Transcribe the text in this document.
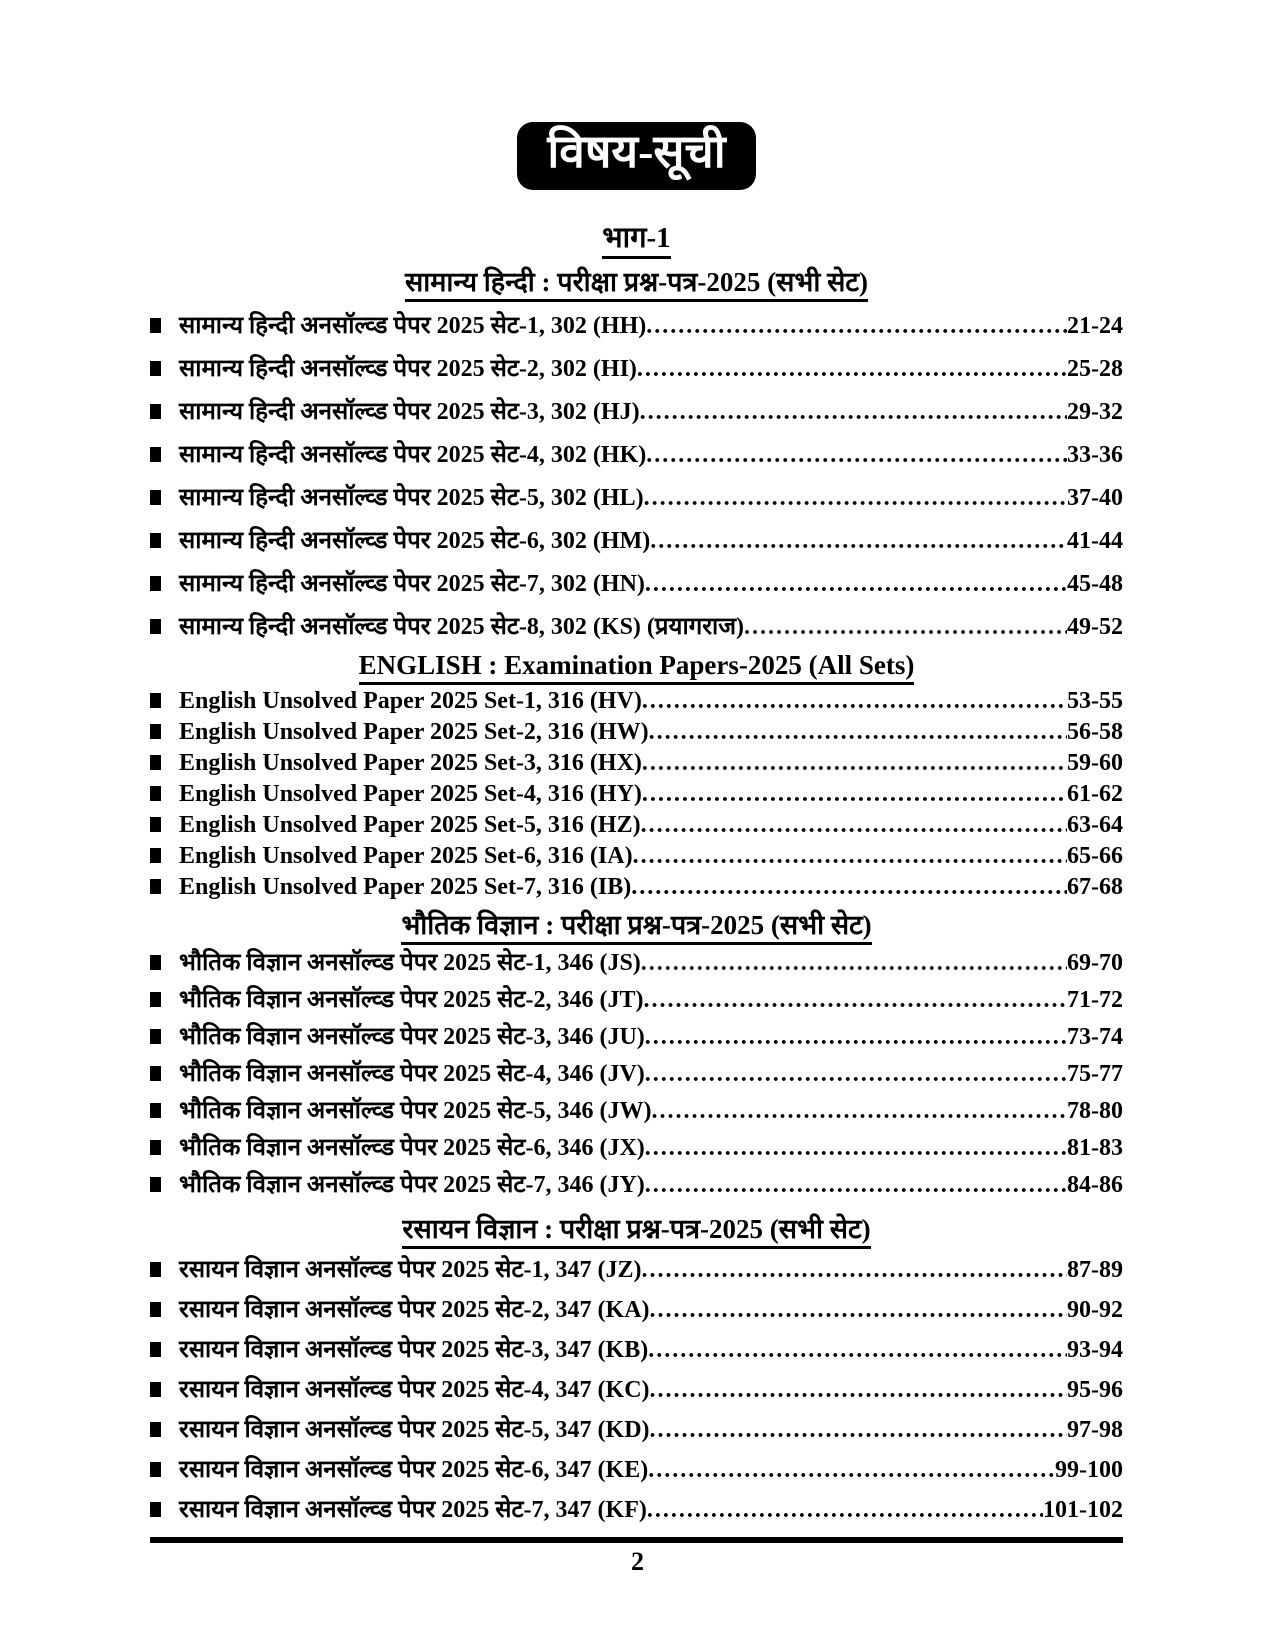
विषय-सूची
भाग-1
सामान्य हिन्दी : परीक्षा प्रश्न-पत्र-2025 (सभी सेट)
सामान्य हिन्दी अनसॉल्व्ड पेपर 2025 सेट-1, 302 (HH) .....	21-24
सामान्य हिन्दी अनसॉल्व्ड पेपर 2025 सेट-2, 302 (HI) .....	25-28
सामान्य हिन्दी अनसॉल्व्ड पेपर 2025 सेट-3, 302 (HJ) .....	29-32
सामान्य हिन्दी अनसॉल्व्ड पेपर 2025 सेट-4, 302 (HK) .....	33-36
सामान्य हिन्दी अनसॉल्व्ड पेपर 2025 सेट-5, 302 (HL) .....	37-40
सामान्य हिन्दी अनसॉल्व्ड पेपर 2025 सेट-6, 302 (HM) .....	41-44
सामान्य हिन्दी अनसॉल्व्ड पेपर 2025 सेट-7, 302 (HN) .....	45-48
सामान्य हिन्दी अनसॉल्व्ड पेपर 2025 सेट-8, 302 (KS) (प्रयागराज) .....	49-52
ENGLISH : Examination Papers-2025 (All Sets)
English Unsolved Paper 2025 Set-1, 316 (HV) .....	53-55
English Unsolved Paper 2025 Set-2, 316 (HW) .....	56-58
English Unsolved Paper 2025 Set-3, 316 (HX) .....	59-60
English Unsolved Paper 2025 Set-4, 316 (HY) .....	61-62
English Unsolved Paper 2025 Set-5, 316 (HZ) .....	63-64
English Unsolved Paper 2025 Set-6, 316 (IA) .....	65-66
English Unsolved Paper 2025 Set-7, 316 (IB) .....	67-68
भौतिक विज्ञान : परीक्षा प्रश्न-पत्र-2025 (सभी सेट)
भौतिक विज्ञान अनसॉल्व्ड पेपर 2025 सेट-1, 346 (JS) .....	69-70
भौतिक विज्ञान अनसॉल्व्ड पेपर 2025 सेट-2, 346 (JT) .....	71-72
भौतिक विज्ञान अनसॉल्व्ड पेपर 2025 सेट-3, 346 (JU) .....	73-74
भौतिक विज्ञान अनसॉल्व्ड पेपर 2025 सेट-4, 346 (JV) .....	75-77
भौतिक विज्ञान अनसॉल्व्ड पेपर 2025 सेट-5, 346 (JW) .....	78-80
भौतिक विज्ञान अनसॉल्व्ड पेपर 2025 सेट-6, 346 (JX) .....	81-83
भौतिक विज्ञान अनसॉल्व्ड पेपर 2025 सेट-7, 346 (JY) .....	84-86
रसायन विज्ञान : परीक्षा प्रश्न-पत्र-2025 (सभी सेट)
रसायन विज्ञान अनसॉल्व्ड पेपर 2025 सेट-1, 347 (JZ) .....	87-89
रसायन विज्ञान अनसॉल्व्ड पेपर 2025 सेट-2, 347 (KA) .....	90-92
रसायन विज्ञान अनसॉल्व्ड पेपर 2025 सेट-3, 347 (KB) .....	93-94
रसायन विज्ञान अनसॉल्व्ड पेपर 2025 सेट-4, 347 (KC) .....	95-96
रसायन विज्ञान अनसॉल्व्ड पेपर 2025 सेट-5, 347 (KD) .....	97-98
रसायन विज्ञान अनसॉल्व्ड पेपर 2025 सेट-6, 347 (KE) .....	99-100
रसायन विज्ञान अनसॉल्व्ड पेपर 2025 सेट-7, 347 (KF) .....	101-102
2
